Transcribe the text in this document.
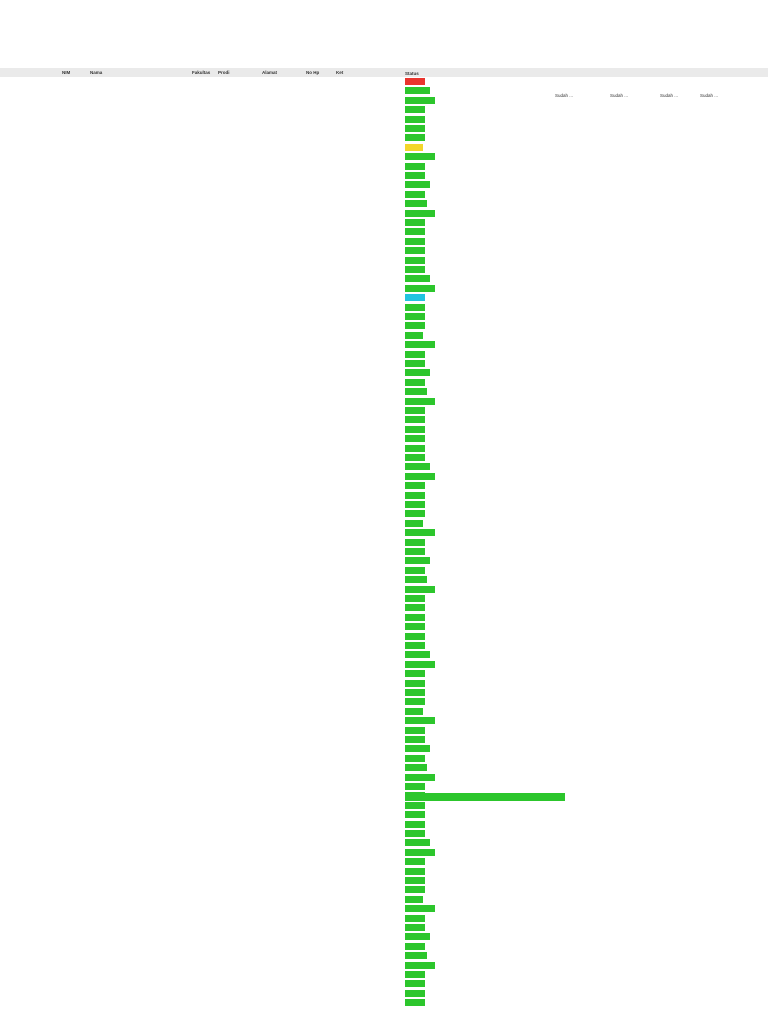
NIM	Nama	Fakultas	Prodi	Alamat	No Hp	Ket	Status
Sudah ...	Sudah ...	Sudah ...	Sudah ...
